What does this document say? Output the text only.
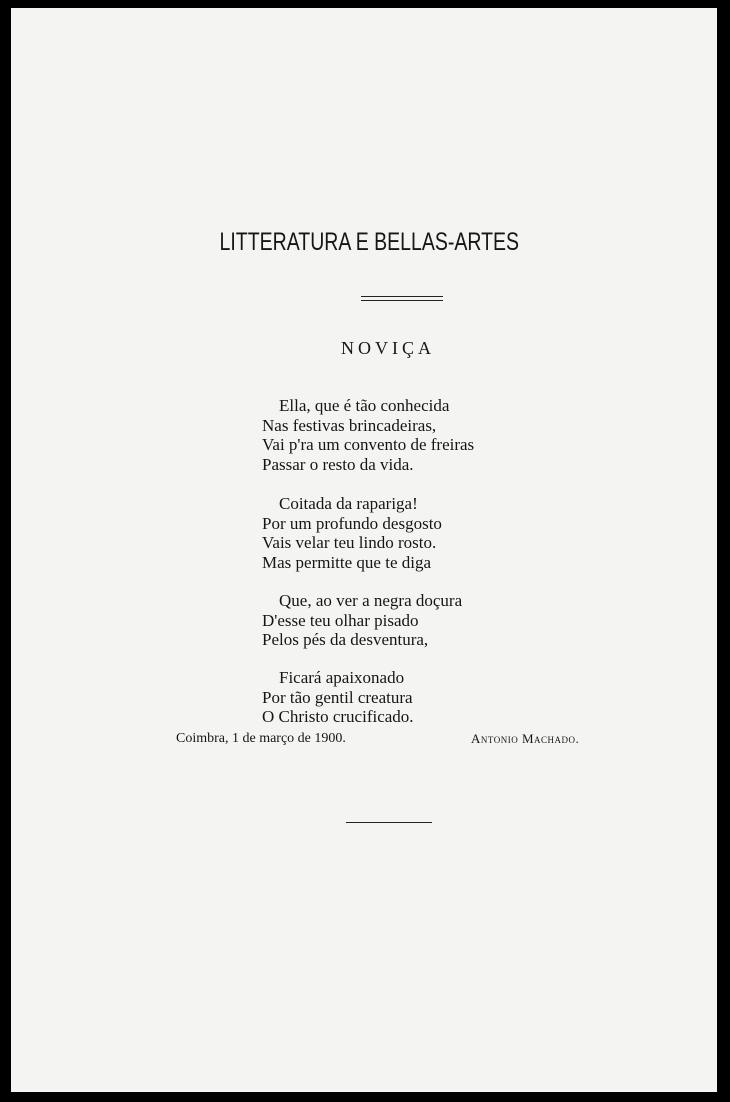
LITTERATURA E BELLAS-ARTES
NOVIÇA
Ella, que é tão conhecida
Nas festivas brincadeiras,
Vai p'ra um convento de freiras
Passar o resto da vida.
Coitada da rapariga!
Por um profundo desgosto
Vais velar teu lindo rosto.
Mas permitte que te diga
Que, ao ver a negra doçura
D'esse teu olhar pisado
Pelos pés da desventura,
Ficará apaixonado
Por tão gentil creatura
O Christo crucificado.
Coimbra, 1 de março de 1900.	Antonio Machado.
